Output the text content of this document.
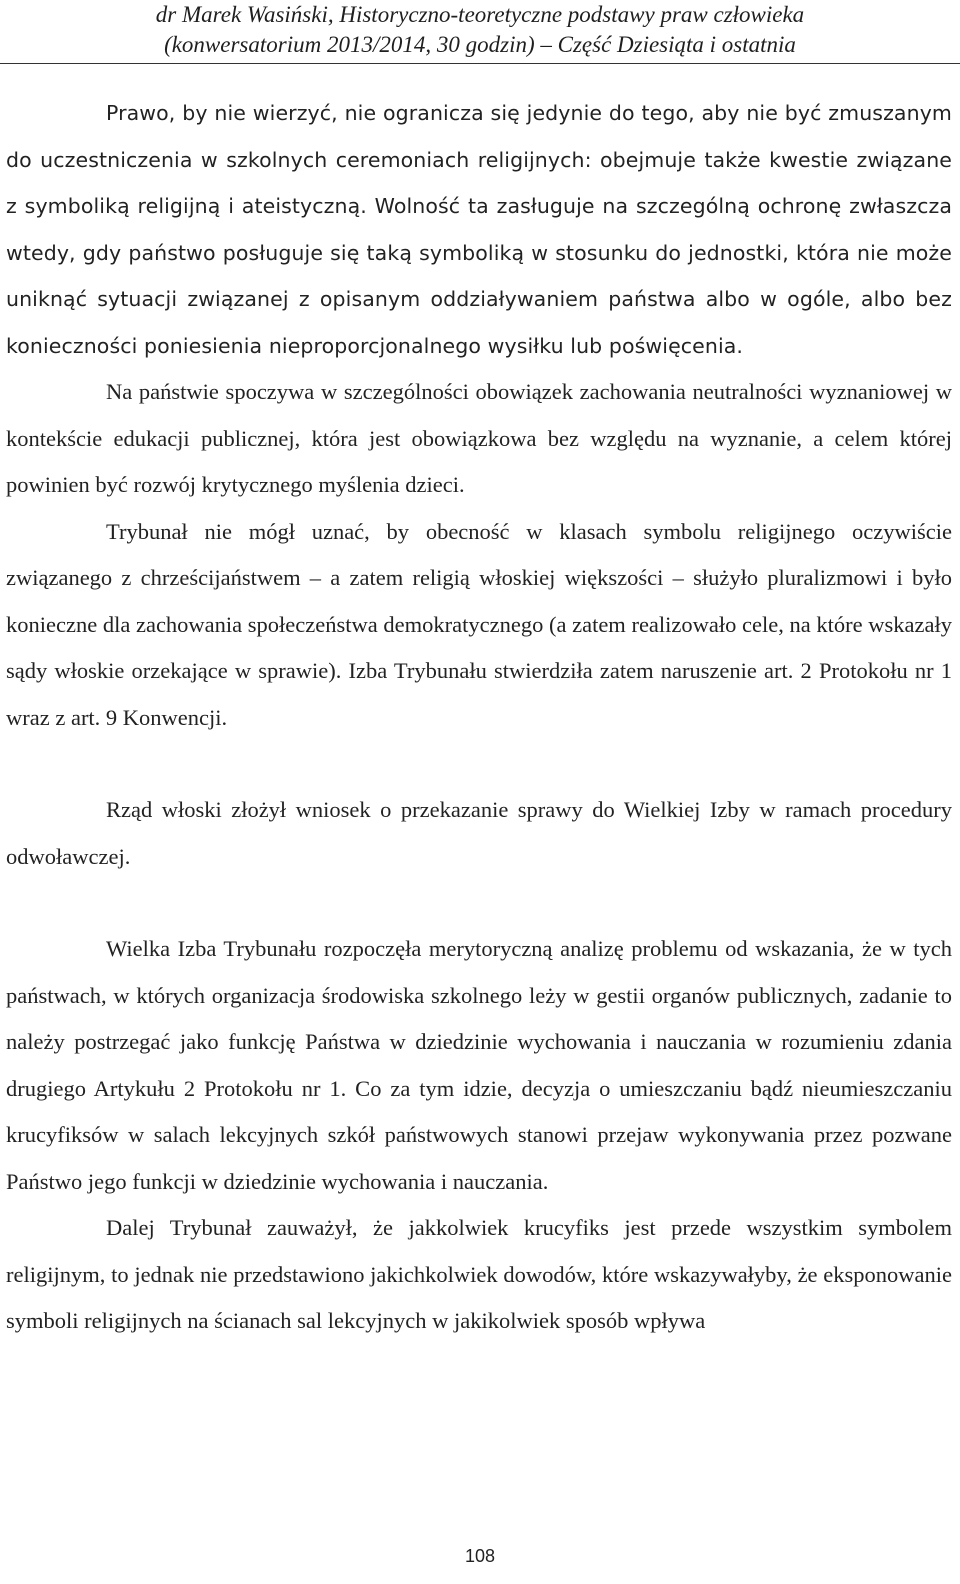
dr Marek Wasiński, Historyczno-teoretyczne podstawy praw człowieka
(konwersatorium 2013/2014, 30 godzin) – Część Dziesiąta i ostatnia

Prawo, by nie wierzyć, nie ogranicza się jedynie do tego, aby nie być zmuszanym do uczestniczenia w szkolnych ceremoniach religijnych: obejmuje także kwestie związane z symboliką religijną i ateistyczną. Wolność ta zasługuje na szczególną ochronę zwłaszcza wtedy, gdy państwo posługuje się taką symboliką w stosunku do jednostki, która nie może uniknąć sytuacji związanej z opisanym oddziaływaniem państwa albo w ogóle, albo bez konieczności poniesienia nieproporcjonalnego wysiłku lub poświęcenia.

Na państwie spoczywa w szczególności obowiązek zachowania neutralności wyznaniowej w kontekście edukacji publicznej, która jest obowiązkowa bez względu na wyznanie, a celem której powinien być rozwój krytycznego myślenia dzieci.

Trybunał nie mógł uznać, by obecność w klasach symbolu religijnego oczywiście związanego z chrześcijaństwem – a zatem religią włoskiej większości – służyło pluralizmowi i było konieczne dla zachowania społeczeństwa demokratycznego (a zatem realizowało cele, na które wskazały sądy włoskie orzekające w sprawie). Izba Trybunału stwierdziła zatem naruszenie art. 2 Protokołu nr 1 wraz z art. 9 Konwencji.

Rząd włoski złożył wniosek o przekazanie sprawy do Wielkiej Izby w ramach procedury odwoławczej.

Wielka Izba Trybunału rozpoczęła merytoryczną analizę problemu od wskazania, że w tych państwach, w których organizacja środowiska szkolnego leży w gestii organów publicznych, zadanie to należy postrzegać jako funkcję Państwa w dziedzinie wychowania i nauczania w rozumieniu zdania drugiego Artykułu 2 Protokołu nr 1. Co za tym idzie, decyzja o umieszczaniu bądź nieumieszczaniu krucyfiksów w salach lekcyjnych szkół państwowych stanowi przejaw wykonywania przez pozwane Państwo jego funkcji w dziedzinie wychowania i nauczania.

Dalej Trybunał zauważył, że jakkolwiek krucyfiks jest przede wszystkim symbolem religijnym, to jednak nie przedstawiono jakichkolwiek dowodów, które wskazywałyby, że eksponowanie symboli religijnych na ścianach sal lekcyjnych w jakikolwiek sposób wpływa

108
